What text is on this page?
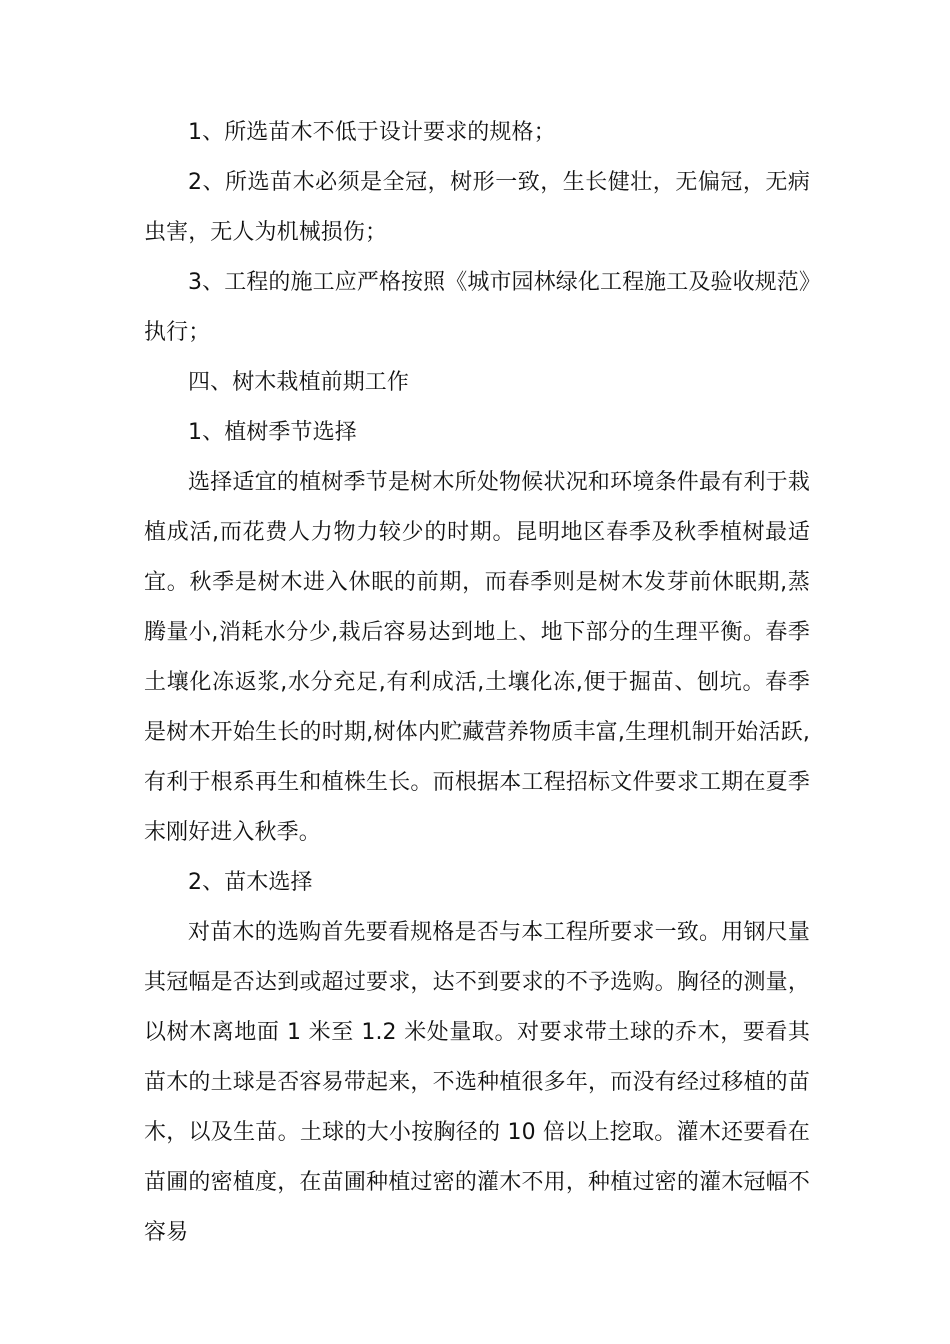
1、所选苗木不低于设计要求的规格；

2、所选苗木必须是全冠，树形一致，生长健壮，无偏冠，无病虫害，无人为机械损伤；

3、工程的施工应严格按照《城市园林绿化工程施工及验收规范》执行；

四、树木栽植前期工作

1、植树季节选择

选择适宜的植树季节是树木所处物候状况和环境条件最有利于栽植成活,而花费人力物力较少的时期。昆明地区春季及秋季植树最适宜。秋季是树木进入休眠的前期，而春季则是树木发芽前休眠期,蒸腾量小,消耗水分少,栽后容易达到地上、地下部分的生理平衡。春季土壤化冻返浆,水分充足,有利成活,土壤化冻,便于掘苗、刨坑。春季是树木开始生长的时期,树体内贮藏营养物质丰富,生理机制开始活跃,有利于根系再生和植株生长。而根据本工程招标文件要求工期在夏季末刚好进入秋季。

2、苗木选择

对苗木的选购首先要看规格是否与本工程所要求一致。用钢尺量其冠幅是否达到或超过要求，达不到要求的不予选购。胸径的测量，以树木离地面 1 米至 1.2 米处量取。对要求带土球的乔木，要看其苗木的土球是否容易带起来，不选种植很多年，而没有经过移植的苗木，以及生苗。土球的大小按胸径的 10 倍以上挖取。灌木还要看在苗圃的密植度，在苗圃种植过密的灌木不用，种植过密的灌木冠幅不容易
